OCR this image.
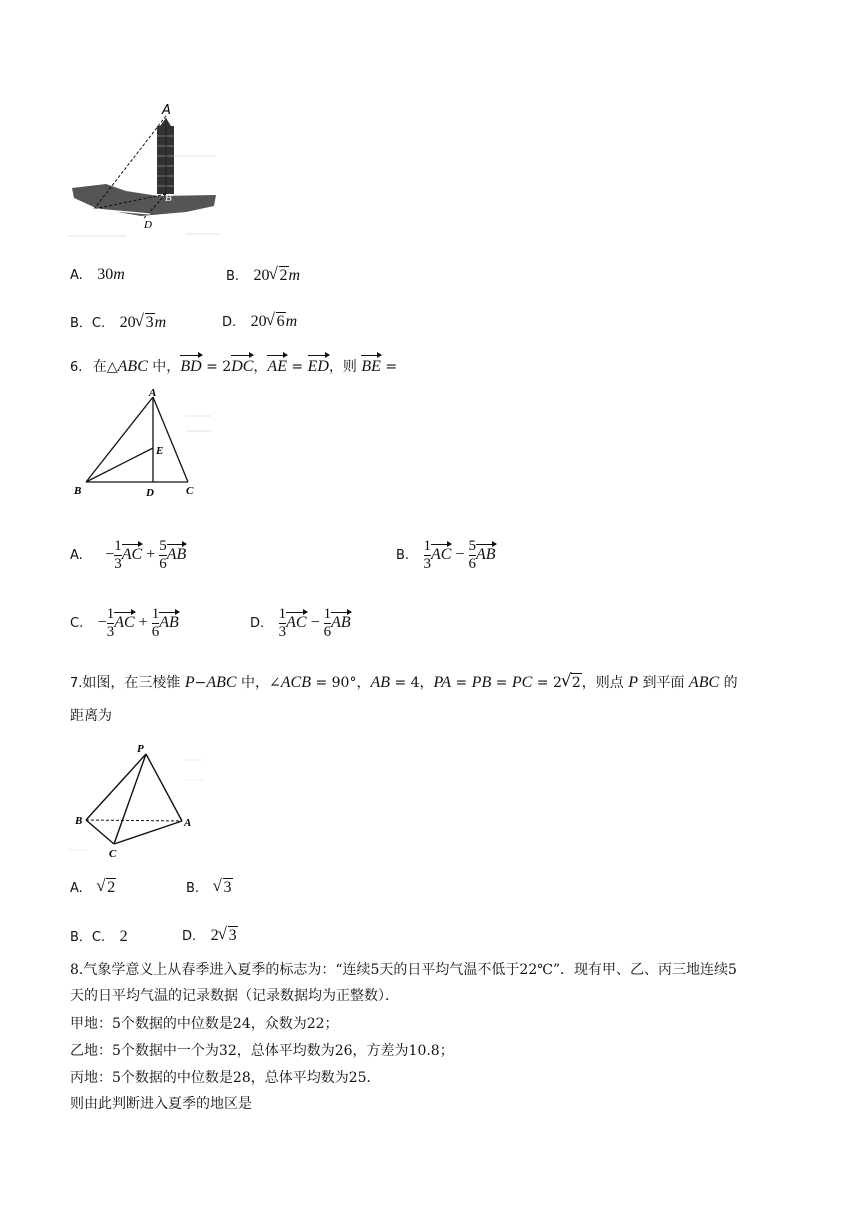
A
B
C
D
A. 30m	B. 20 √ 2m
B．C. 20 √ 3m	D. 20 √ 6m
6. 在△ABC 中，BD = 2DC，AE = ED，则 BE =
A
E
B	D	C
A. − $\frac{1}{3}$ AC + $\frac{5}{6}$ AB	B. $\frac{1}{3}$ AC − $\frac{5}{6}$ AB
C. − $\frac{1}{3}$ AC + $\frac{1}{6}$ AB	D. $\frac{1}{3}$ AC − $\frac{1}{6}$ AB
7.如图，在三棱锥 P−ABC 中，∠ACB = 90°，AB = 4，PA = PB = PC = 2 √ 2，则点 P 到平面 ABC 的
距离为
P
B	A
C
A. √ 2	B. √ 3
B．C. 2	D. 2 √ 3
8.气象学意义上从春季进入夏季的标志为：“连续5天的日平均气温不低于22℃”．现有甲、乙、丙三地连续5
天的日平均气温的记录数据（记录数据均为正整数）．
甲地：5个数据的中位数是24，众数为22；
乙地：5个数据中一个为32，总体平均数为26，方差为10.8；
丙地：5个数据的中位数是28，总体平均数为25．
则由此判断进入夏季的地区是
